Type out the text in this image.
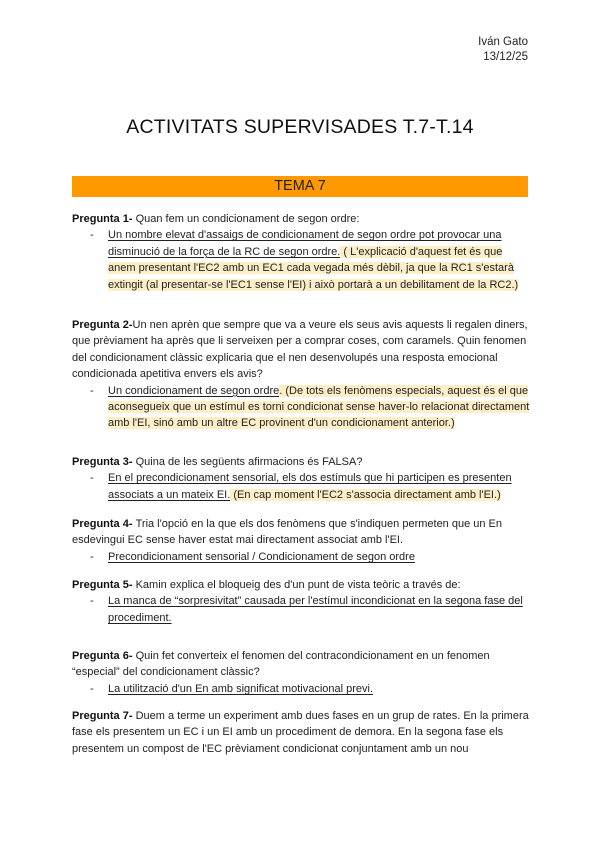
Iván Gato
13/12/25
ACTIVITATS SUPERVISADES T.7-T.14
TEMA 7
Pregunta 1- Quan fem un condicionament de segon ordre:
- Un nombre elevat d'assaigs de condicionament de segon ordre pot provocar una disminució de la força de la RC de segon ordre. ( L'explicació d'aquest fet és que anem presentant l'EC2 amb un EC1 cada vegada més dèbil, ja que la RC1 s'estarà extingit (al presentar-se l'EC1 sense l'EI) i això portarà a un debilitament de la RC2.)
Pregunta 2-Un nen aprèn que sempre que va a veure els seus avis aquests li regalen diners, que prèviament ha après que li serveixen per a comprar coses, com caramels. Quin fenomen del condicionament clàssic explicaria que el nen desenvolupés una resposta emocional condicionada apetitiva envers els avis?
- Un condicionament de segon ordre. (De tots els fenòmens especials, aquest és el que aconsegueix que un estímul es torni condicionat sense haver-lo relacionat directament amb l'EI, sinó amb un altre EC provinent d'un condicionament anterior.)
Pregunta 3- Quina de les següents afirmacions és FALSA?
- En el precondicionament sensorial, els dos estímuls que hi participen es presenten associats a un mateix EI. (En cap moment l'EC2 s'associa directament amb l'EI.)
Pregunta 4- Tria l'opció en la que els dos fenòmens que s'indiquen permeten que un En esdevingui EC sense haver estat mai directament associat amb l'EI.
- Precondicionament sensorial / Condicionament de segon ordre
Pregunta 5- Kamin explica el bloqueig des d'un punt de vista teòric a través de:
- La manca de “sorpresivitat” causada per l'estímul incondicionat en la segona fase del procediment.
Pregunta 6- Quin fet converteix el fenomen del contracondicionament en un fenomen “especial” del condicionament clàssic?
- La utilització d'un En amb significat motivacional previ.
Pregunta 7- Duem a terme un experiment amb dues fases en un grup de rates. En la primera fase els presentem un EC i un EI amb un procediment de demora. En la segona fase els presentem un compost de l'EC prèviament condicionat conjuntament amb un nou
